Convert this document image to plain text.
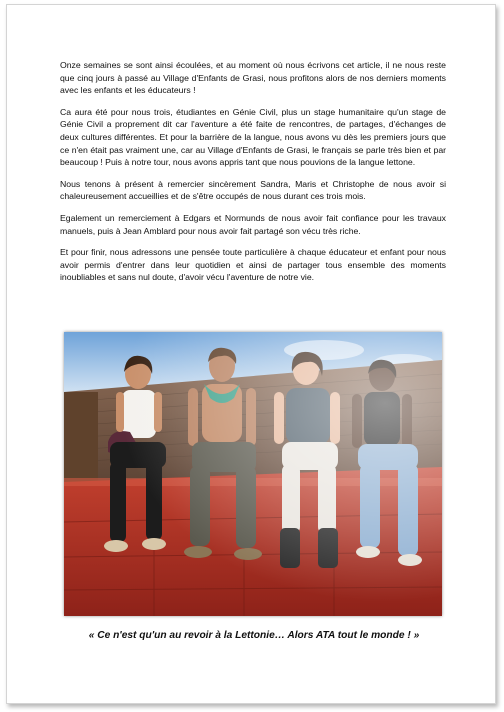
Onze semaines se sont ainsi écoulées, et au moment où nous écrivons cet article, il ne nous reste que cinq jours à passé au Village d'Enfants de Grasi, nous profitons alors de nos derniers moments avec les enfants et les éducateurs !

Ca aura été pour nous trois, étudiantes en Génie Civil, plus un stage humanitaire qu'un stage de Génie Civil a proprement dit car l'aventure a été faite de rencontres, de partages, d'échanges de deux cultures différentes. Et pour la barrière de la langue, nous avons vu dès les premiers jours que ce n'en était pas vraiment une, car au Village d'Enfants de Grasi, le français se parle très bien et par beaucoup ! Puis à notre tour, nous avons appris tant que nous pouvions de la langue lettone.

Nous tenons à présent à remercier sincèrement Sandra, Maris et Christophe de nous avoir si chaleureusement accueillies et de s'être occupés de nous durant ces trois mois.

Egalement un remerciement à Edgars et Normunds de nous avoir fait confiance pour les travaux manuels, puis à Jean Amblard pour nous avoir fait partagé son vécu très riche.

Et pour finir, nous adressons une pensée toute particulière à chaque éducateur et enfant pour nous avoir permis d'entrer dans leur quotidien et ainsi de partager tous ensemble des moments inoubliables et sans nul doute, d'avoir vécu l'aventure de notre vie.

« Ce n'est qu'un au revoir à la Lettonie… Alors ATA tout le monde ! »
